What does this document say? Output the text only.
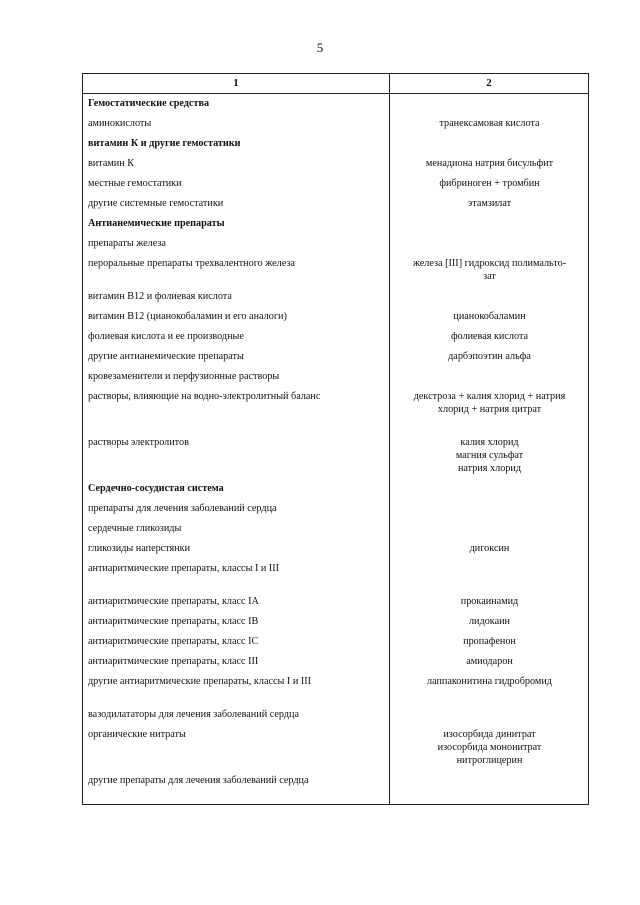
5
1	2
Гемостатические средства	
аминокислоты	транексамовая кислота

витамин К и другие гемостатики	
витамин К	менадиона натрия бисульфит

местные гемостатики	фибриноген + тромбин

другие системные гемостатики	этамзилат

Антианемические препараты	
препараты железа	
пероральные препараты трехвалентного железа	железа [III] гидроксид полимальто-
зат

витамин В12 и фолиевая кислота	
витамин В12 (цианокобаламин и его аналоги)	цианокобаламин

фолиевая кислота и ее производные	фолиевая кислота

другие антианемические препараты	дарбэпоэтин альфа

кровезаменители и перфузионные растворы	
растворы, влияющие на водно-электролитный баланс	декстроза + калия хлорид + натрия
хлорид + натрия цитрат

растворы электролитов	калия хлорид
магния сульфат
натрия хлорид

Сердечно-сосудистая система	
препараты для лечения заболеваний сердца	
сердечные гликозиды	
гликозиды наперстянки	дигоксин

антиаритмические препараты, классы I и III	
антиаритмические препараты, класс IA	прокаинамид

антиаритмические препараты, класс IB	лидокаин

антиаритмические препараты, класс IC	пропафенон

антиаритмические препараты, класс III	амиодарон

другие антиаритмические препараты, классы I и III	лаппаконитина гидробромид

вазодилататоры для лечения заболеваний сердца	
органические нитраты	изосорбида динитрат
изосорбида мононитрат
нитроглицерин

другие препараты для лечения заболеваний сердца	
